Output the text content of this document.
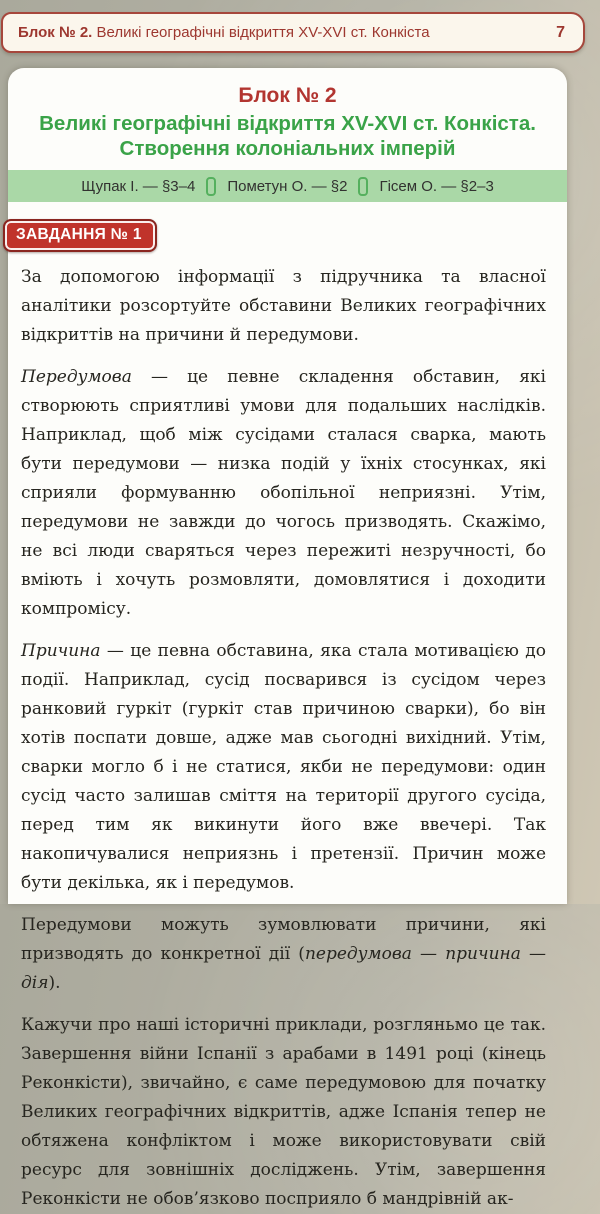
Блок № 2. Великі географічні відкриття XV-XVI ст. Конкіста	7
Блок № 2
Великі географічні відкриття XV-XVI ст. Конкіста.
Створення колоніальних імперій
Щупак І. — §3–4 Пометун О. — §2 Гісем О. — §2–3
ЗАВДАННЯ № 1

За допомогою інформації з підручника та власної аналітики розсортуйте обставини Великих географічних відкриттів на причини й передумови.

Передумова — це певне складення обставин, які створюють сприятливі умови для подальших наслідків. Наприклад, щоб між сусідами сталася сварка, мають бути передумови — низка подій у їхніх стосунках, які сприяли формуванню обопільної неприязні. Утім, передумови не завжди до чогось призводять. Скажімо, не всі люди сваряться через пережиті незручності, бо вміють і хочуть розмовляти, домовлятися і доходити компромісу.

Причина — це певна обставина, яка стала мотивацією до події. Наприклад, сусід посварився із сусідом через ранковий гуркіт (гуркіт став причиною сварки), бо він хотів поспати довше, адже мав сьогодні вихідний. Утім, сварки могло б і не статися, якби не передумови: один сусід часто залишав сміття на території другого сусіда, перед тим як викинути його вже ввечері. Так накопичувалися неприязнь і претензії. Причин може бути декілька, як і передумов.

Передумови можуть зумовлювати причини, які призводять до конкретної дії (передумова — причина — дія).

Кажучи про наші історичні приклади, розгляньмо це так. Завершення війни Іспанії з арабами в 1491 році (кінець Реконкісти), звичайно, є саме передумовою для початку Великих географічних відкриттів, адже Іспанія тепер не обтяжена конфліктом і може використовувати свій ресурс для зовнішніх досліджень. Утім, завершення Реконкісти не обов’язково посприяло б мандрівній ак-
